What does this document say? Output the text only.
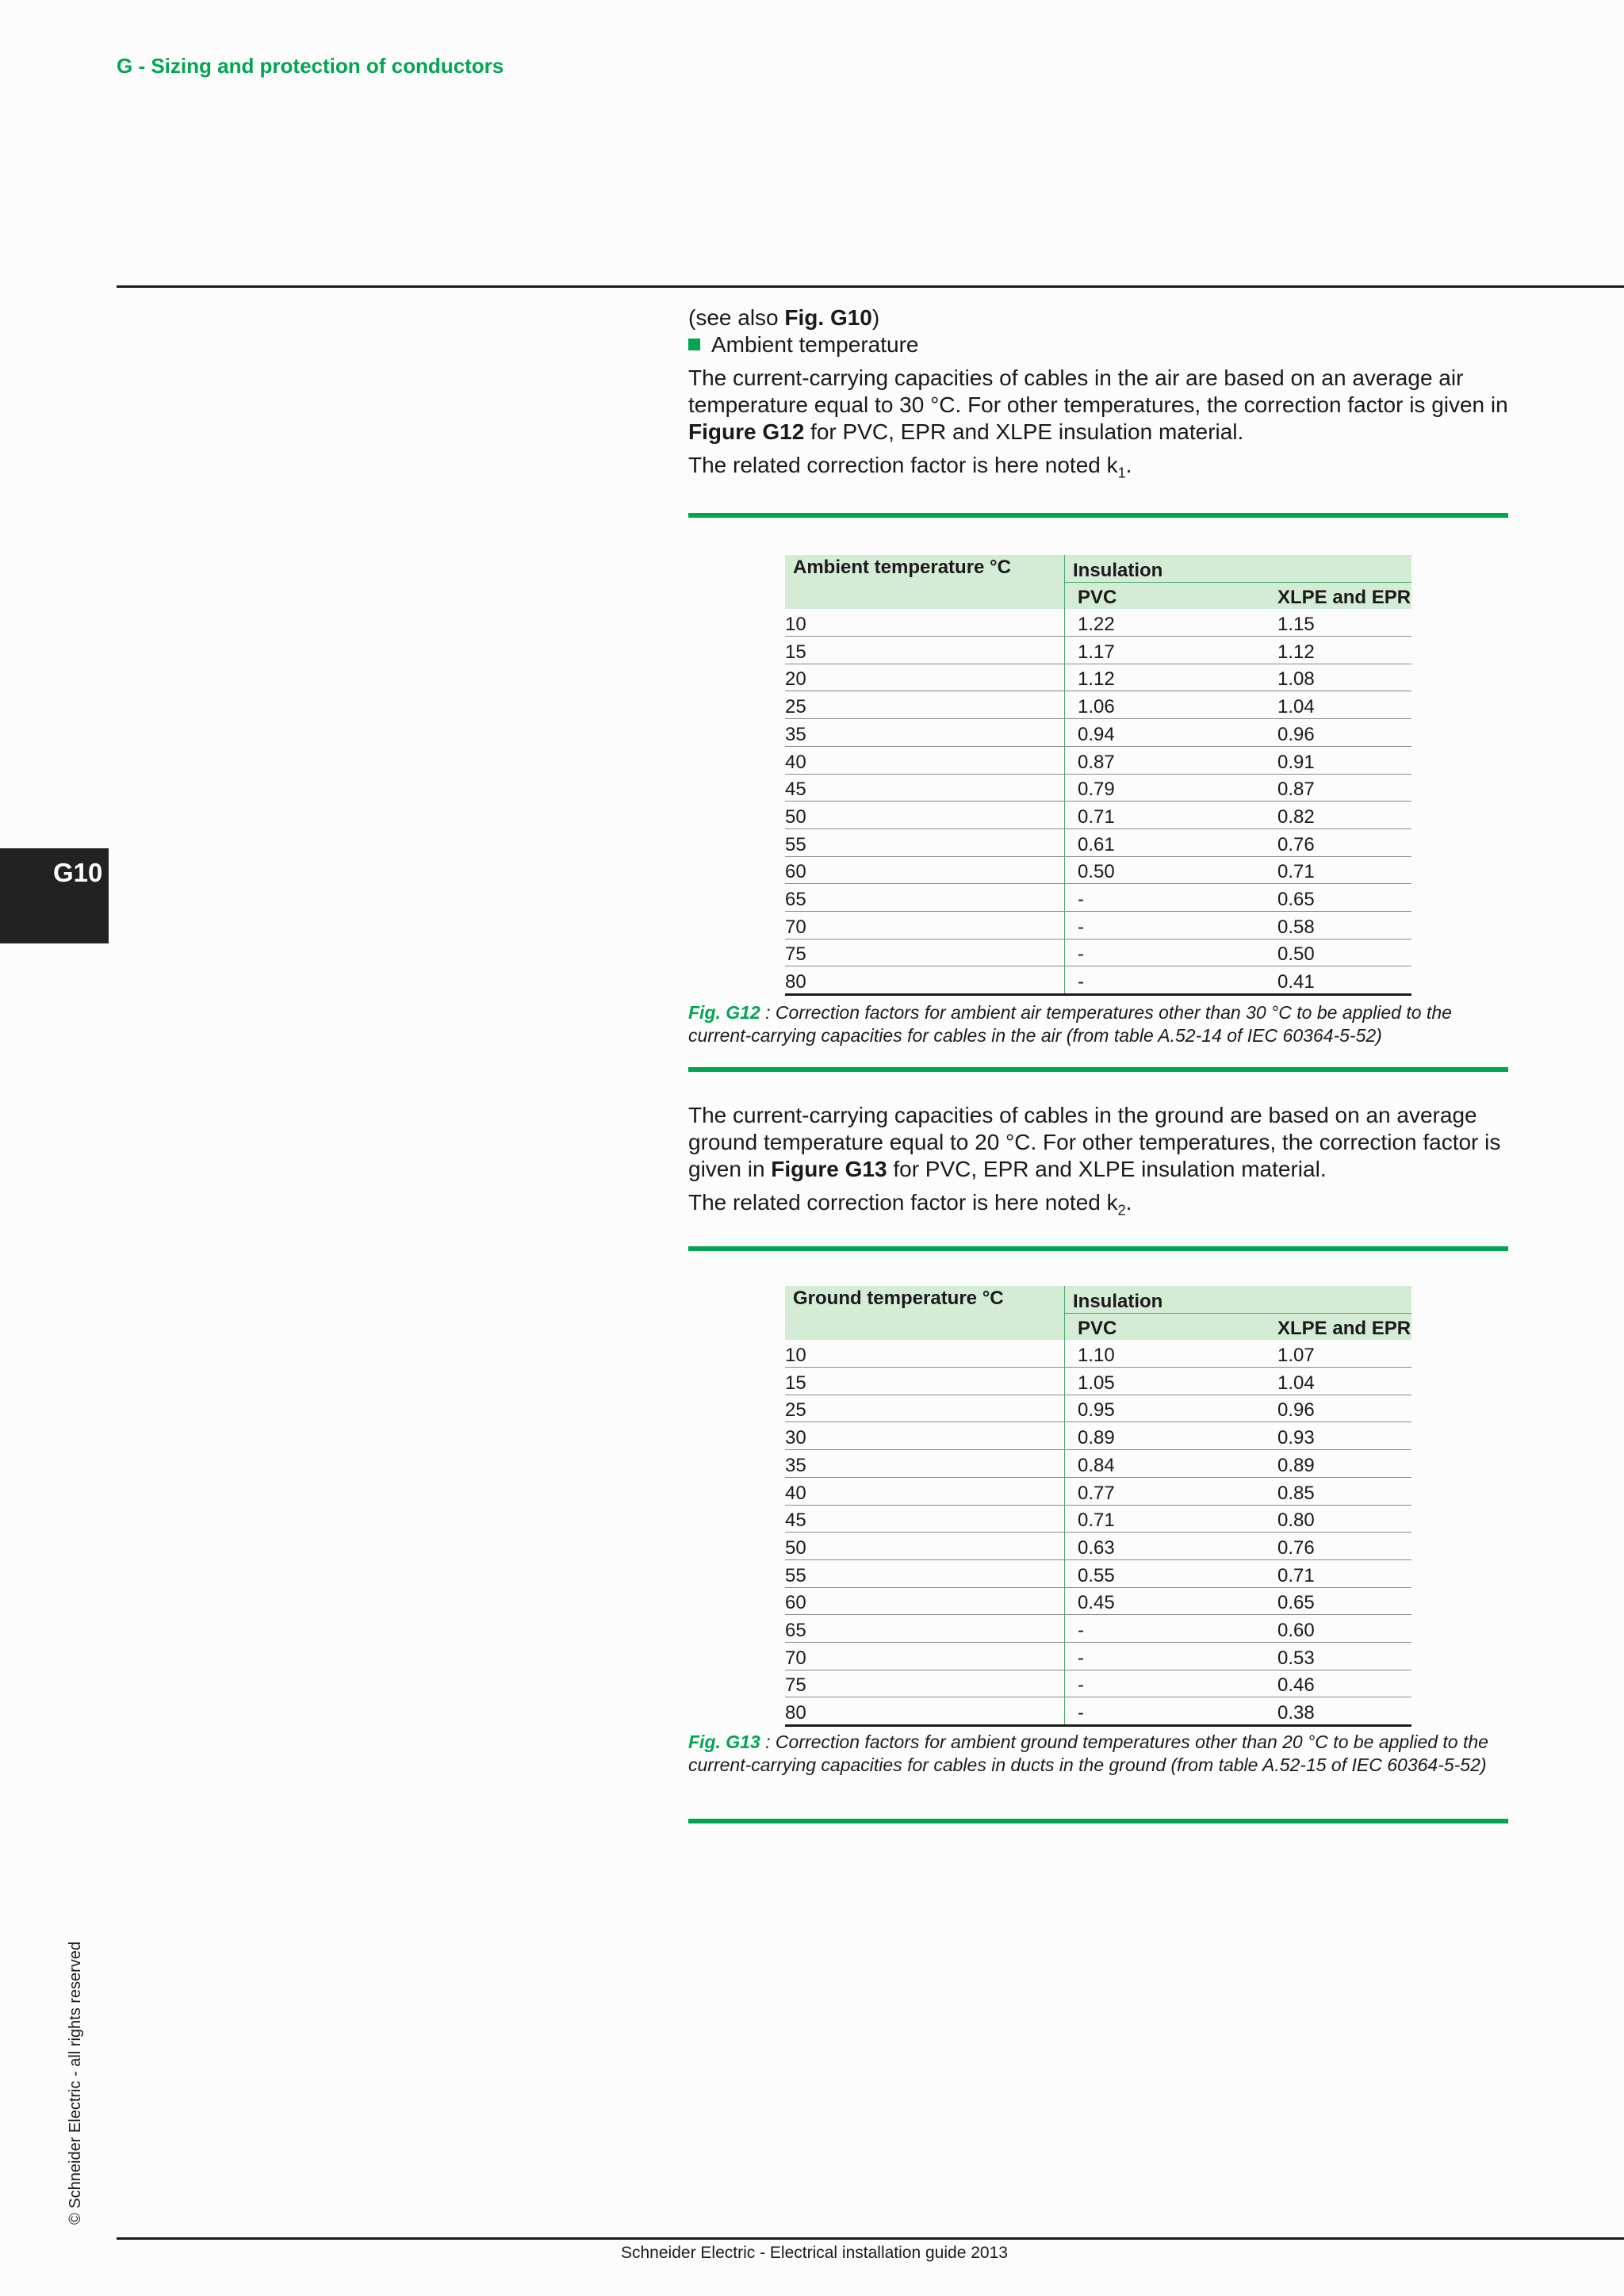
G - Sizing and protection of conductors
G10
© Schneider Electric - all rights reserved

(see also Fig. G10)

Ambient temperature

The current-carrying capacities of cables in the air are based on an average air temperature equal to 30 °C. For other temperatures, the correction factor is given in Figure G12 for PVC, EPR and XLPE insulation material.

The related correction factor is here noted $k_1$.

Ambient temperature °C	Insulation	
	PVC	XLPE and EPR
10	1.22	1.15
15	1.17	1.12
20	1.12	1.08
25	1.06	1.04
35	0.94	0.96
40	0.87	0.91
45	0.79	0.87
50	0.71	0.82
55	0.61	0.76
60	0.50	0.71
65	-	0.65
70	-	0.58
75	-	0.50
80	-	0.41
Fig. G12 : Correction factors for ambient air temperatures other than 30 °C to be applied to the current-carrying capacities for cables in the air (from table A.52-14 of IEC 60364-5-52)

The current-carrying capacities of cables in the ground are based on an average ground temperature equal to 20 °C. For other temperatures, the correction factor is given in Figure G13 for PVC, EPR and XLPE insulation material.

The related correction factor is here noted $k_2$.

Ground temperature °C	Insulation	
	PVC	XLPE and EPR
10	1.10	1.07
15	1.05	1.04
25	0.95	0.96
30	0.89	0.93
35	0.84	0.89
40	0.77	0.85
45	0.71	0.80
50	0.63	0.76
55	0.55	0.71
60	0.45	0.65
65	-	0.60
70	-	0.53
75	-	0.46
80	-	0.38
Fig. G13 : Correction factors for ambient ground temperatures other than 20 °C to be applied to the current-carrying capacities for cables in ducts in the ground (from table A.52-15 of IEC 60364-5-52)
Schneider Electric - Electrical installation guide 2013
